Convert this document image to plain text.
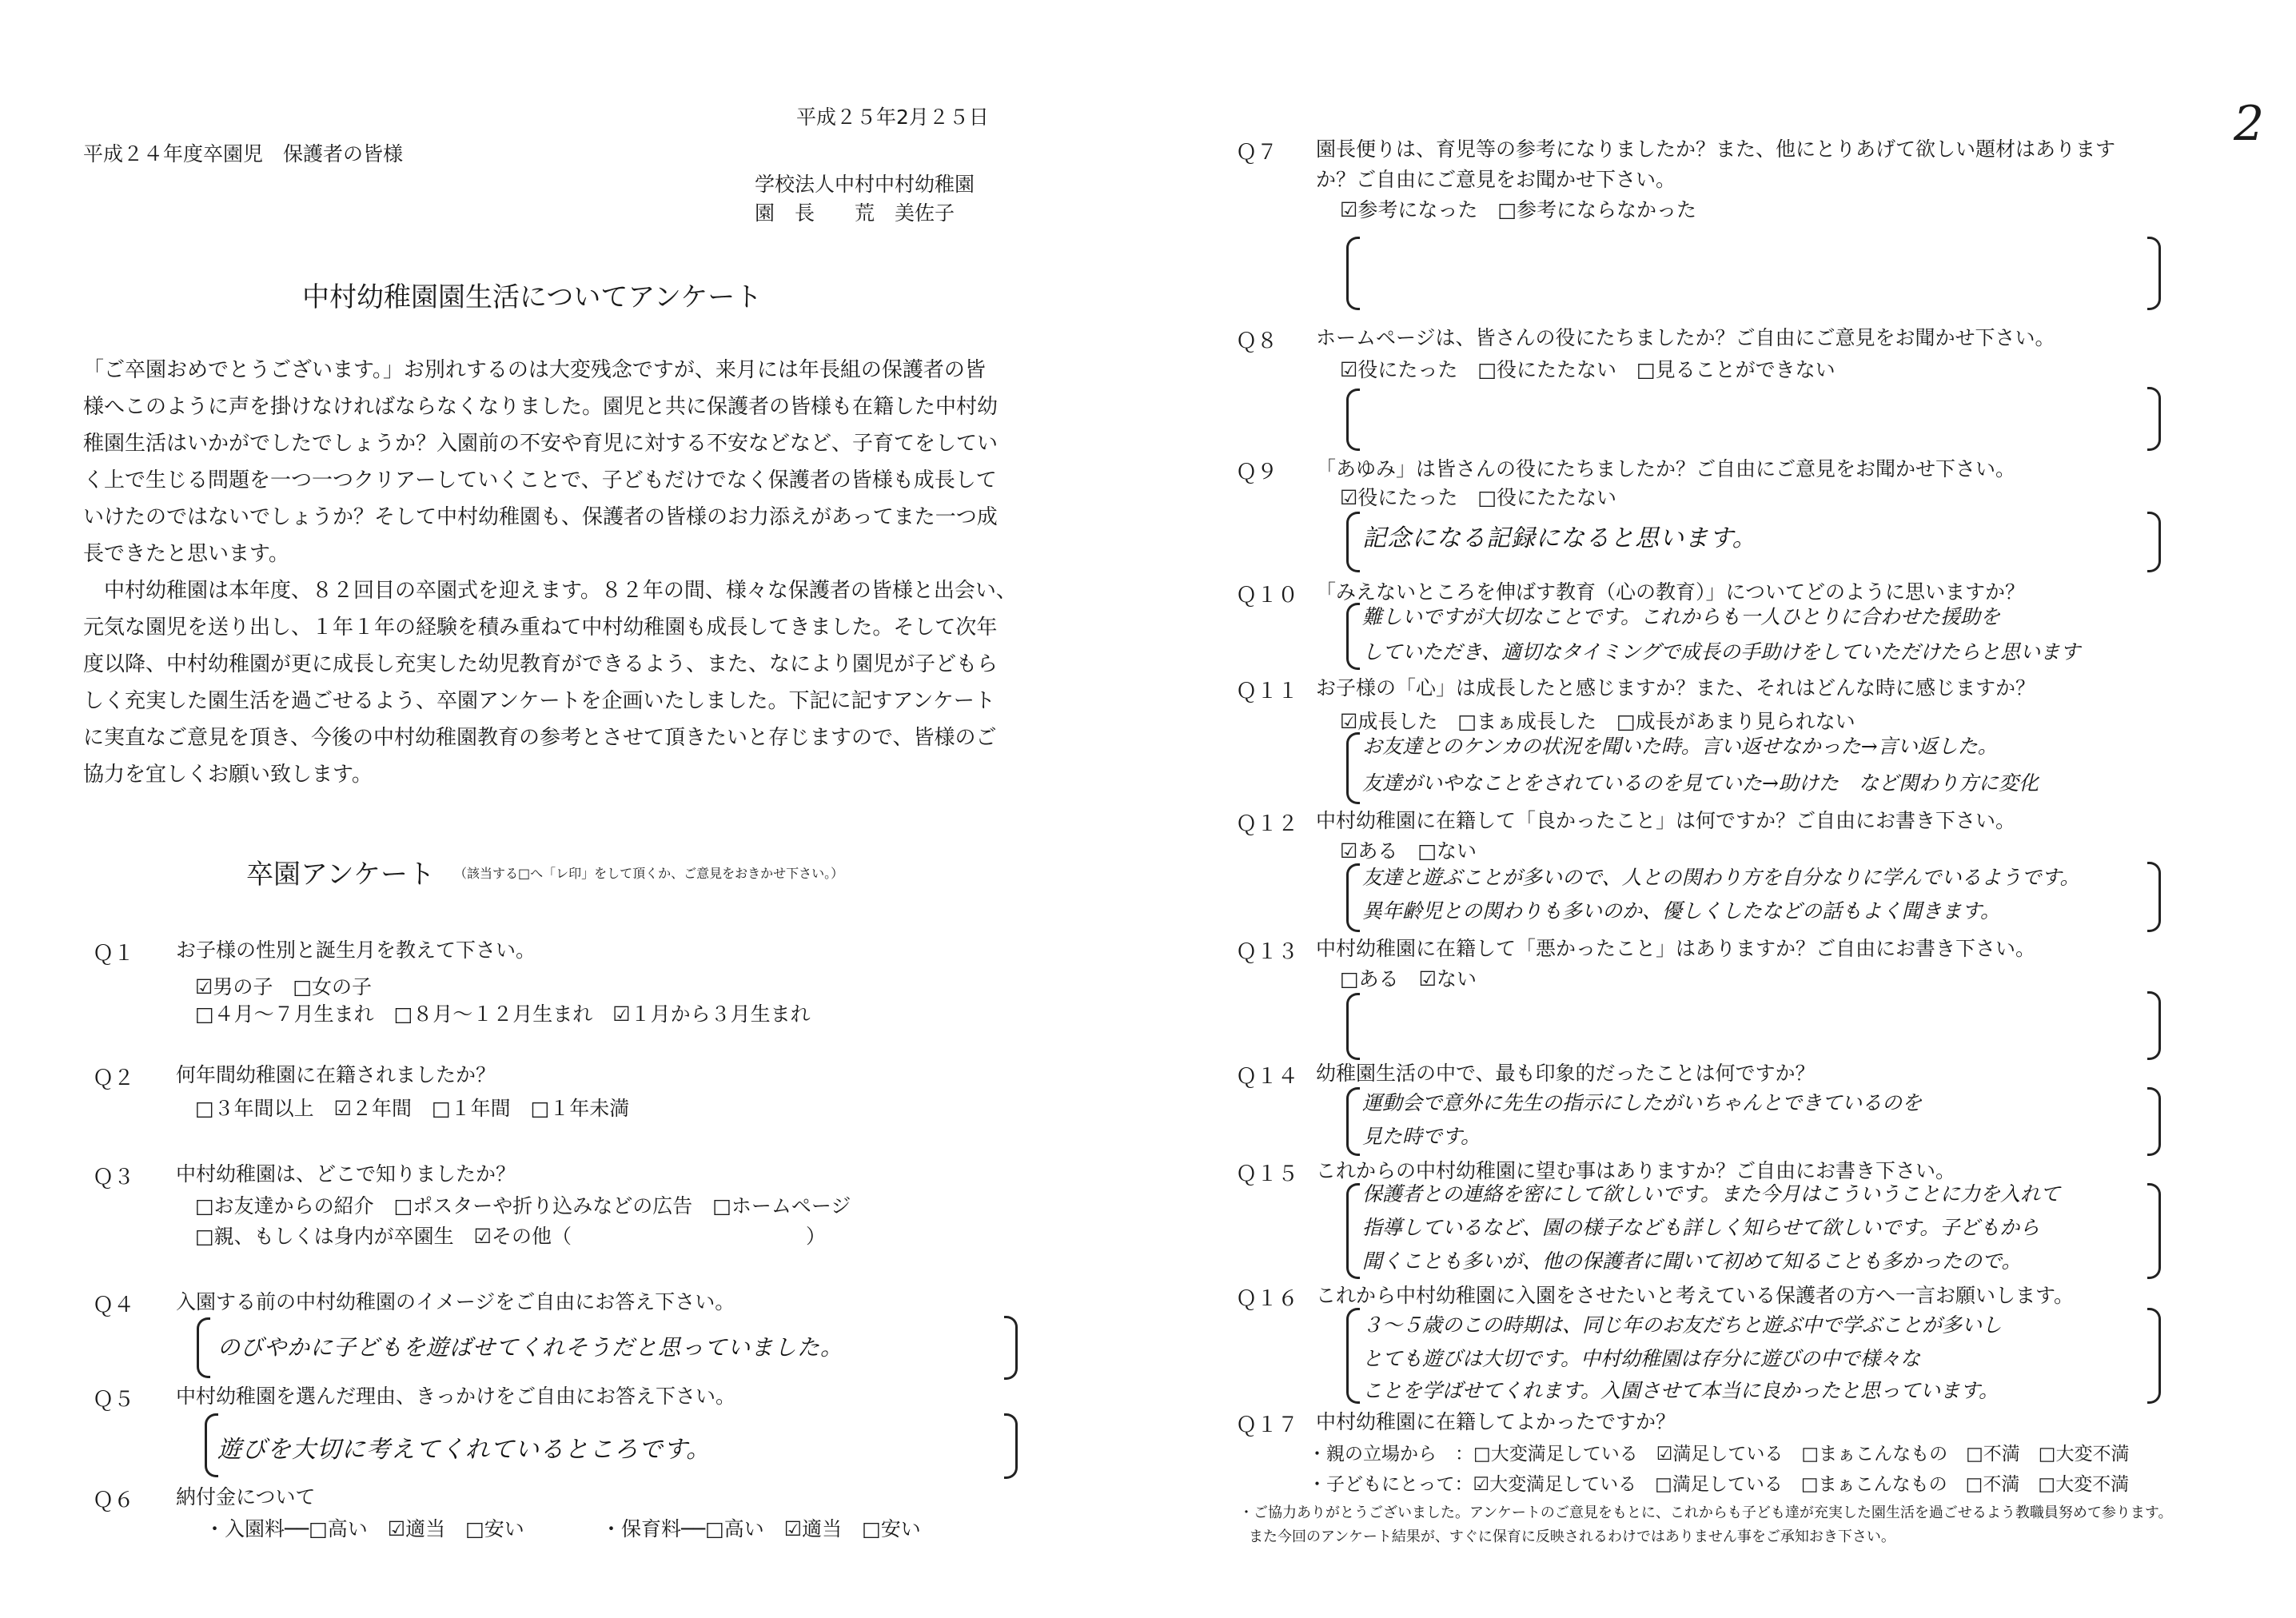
平成２５年2月２５日
平成２４年度卒園児　保護者の皆様
学校法人中村中村幼稚園
園　長　　荒　美佐子
中村幼稚園園生活についてアンケート

「ご卒園おめでとうございます。」お別れするのは大変残念ですが、来月には年長組の保護者の皆

様へこのように声を掛けなければならなくなりました。園児と共に保護者の皆様も在籍した中村幼

稚園生活はいかがでしたでしょうか？入園前の不安や育児に対する不安などなど、子育てをしてい

く上で生じる問題を一つ一つクリアーしていくことで、子どもだけでなく保護者の皆様も成長して

いけたのではないでしょうか？そして中村幼稚園も、保護者の皆様のお力添えがあってまた一つ成

長できたと思います。

　中村幼稚園は本年度、８２回目の卒園式を迎えます。８２年の間、様々な保護者の皆様と出会い、

元気な園児を送り出し、１年１年の経験を積み重ねて中村幼稚園も成長してきました。そして次年

度以降、中村幼稚園が更に成長し充実した幼児教育ができるよう、また、なにより園児が子どもら

しく充実した園生活を過ごせるよう、卒園アンケートを企画いたしました。下記に記すアンケート

に実直なご意見を頂き、今後の中村幼稚園教育の参考とさせて頂きたいと存じますので、皆様のご

協力を宜しくお願い致します。

卒園アンケート （該当する□へ「レ印」をして頂くか、ご意見をおきかせ下さい。）
Ｑ１ お子様の性別と誕生月を教えて下さい。
☑男の子　□女の子
□４月～７月生まれ　□８月～１２月生まれ　☑１月から３月生まれ
Ｑ２ 何年間幼稚園に在籍されましたか？
□３年間以上　☑２年間　□１年間　□１年未満
Ｑ３ 中村幼稚園は、どこで知りましたか？
□お友達からの紹介　□ポスターや折り込みなどの広告　□ホームページ
□親、もしくは身内が卒園生　☑その他（	）
Ｑ４ 入園する前の中村幼稚園のイメージをご自由にお答え下さい。
のびやかに子どもを遊ばせてくれそうだと思っていました。
Ｑ５ 中村幼稚園を選んだ理由、きっかけをご自由にお答え下さい。
遊びを大切に考えてくれているところです。
Ｑ６ 納付金について
・入園料──□高い　☑適当　□安い	・保育料──□高い　☑適当　□安い
2
Ｑ７ 園長便りは、育児等の参考になりましたか？また、他にとりあげて欲しい題材はあります
か？ご自由にご意見をお聞かせ下さい。
☑参考になった　□参考にならなかった
Ｑ８ ホームページは、皆さんの役にたちましたか？ご自由にご意見をお聞かせ下さい。
☑役にたった　□役にたたない　□見ることができない
Ｑ９ 「あゆみ」は皆さんの役にたちましたか？ご自由にご意見をお聞かせ下さい。
☑役にたった　□役にたたない
記念になる記録になると思います。
Ｑ１０ 「みえないところを伸ばす教育（心の教育）」についてどのように思いますか？
難しいですが大切なことです。これからも一人ひとりに合わせた援助を
していただき、適切なタイミングで成長の手助けをしていただけたらと思います
Ｑ１１ お子様の「心」は成長したと感じますか？また、それはどんな時に感じますか？
☑成長した　□まぁ成長した　□成長があまり見られない
お友達とのケンカの状況を聞いた時。言い返せなかった→言い返した。
友達がいやなことをされているのを見ていた→助けた　など関わり方に変化
Ｑ１２ 中村幼稚園に在籍して「良かったこと」は何ですか？ご自由にお書き下さい。
☑ある　□ない
友達と遊ぶことが多いので、人との関わり方を自分なりに学んでいるようです。
異年齢児との関わりも多いのか、優しくしたなどの話もよく聞きます。
Ｑ１３ 中村幼稚園に在籍して「悪かったこと」はありますか？ご自由にお書き下さい。
□ある　☑ない
Ｑ１４ 幼稚園生活の中で、最も印象的だったことは何ですか？
運動会で意外に先生の指示にしたがいちゃんとできているのを
見た時です。
Ｑ１５ これからの中村幼稚園に望む事はありますか？ご自由にお書き下さい。
保護者との連絡を密にして欲しいです。また今月はこういうことに力を入れて
指導しているなど、園の様子なども詳しく知らせて欲しいです。子どもから
聞くことも多いが、他の保護者に聞いて初めて知ることも多かったので。
Ｑ１６ これから中村幼稚園に入園をさせたいと考えている保護者の方へ一言お願いします。
３～５歳のこの時期は、同じ年のお友だちと遊ぶ中で学ぶことが多いし
とても遊びは大切です。中村幼稚園は存分に遊びの中で様々な
ことを学ばせてくれます。入園させて本当に良かったと思っています。
Ｑ１７ 中村幼稚園に在籍してよかったですか？
・親の立場から　：□大変満足している　☑満足している　□まぁこんなもの　□不満　□大変不満
・子どもにとって：☑大変満足している　□満足している　□まぁこんなもの　□不満　□大変不満
・ご協力ありがとうございました。アンケートのご意見をもとに、これからも子ども達が充実した園生活を過ごせるよう教職員努めて参ります。
また今回のアンケート結果が、すぐに保育に反映されるわけではありません事をご承知おき下さい。
